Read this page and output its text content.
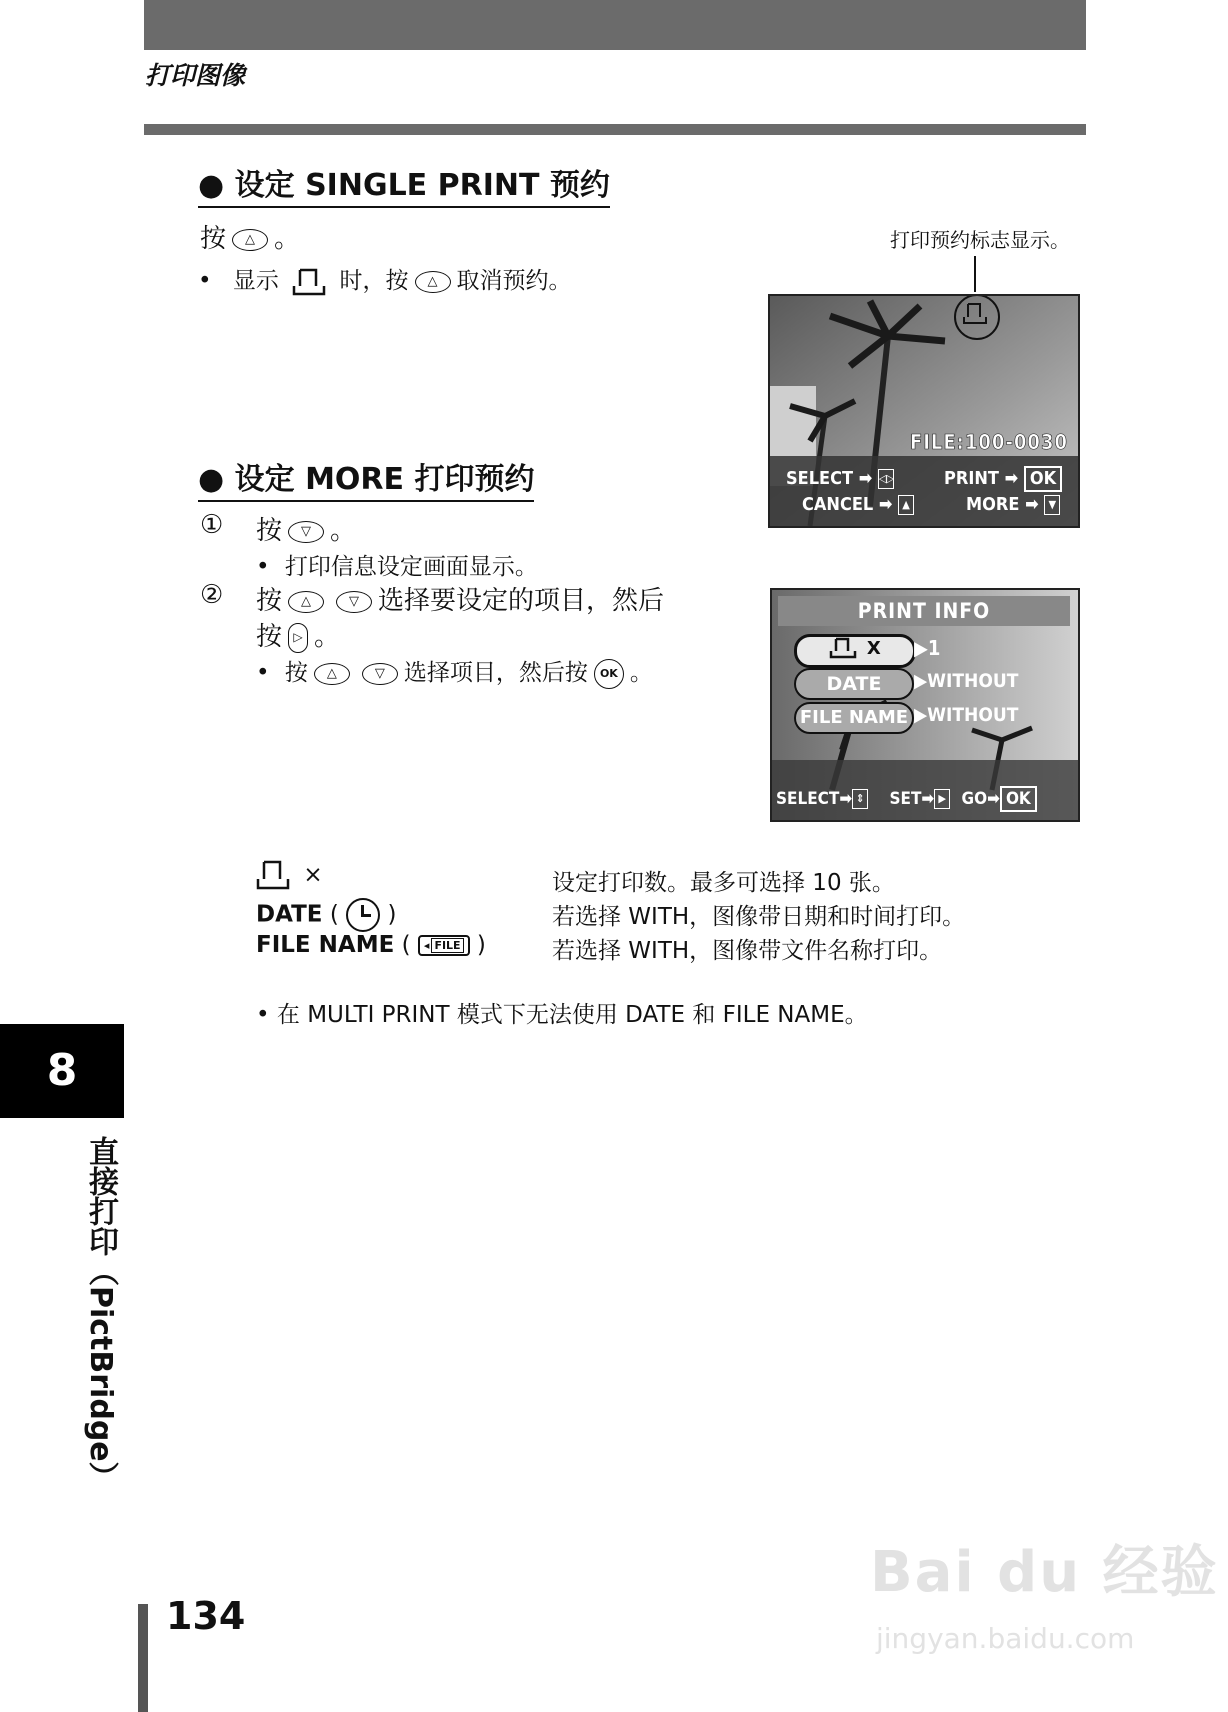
打印图像
● 设定 SINGLE PRINT 预约
按 △ 。
• 显示	时，按 △ 取消预约。
打印预约标志显示。
FILE:100-0030
SELECT ➡ ◁▷	PRINT ➡ OK
CANCEL ➡ ▲	MORE ➡ ▼
● 设定 MORE 打印预约
① 按 ▽ 。
• 打印信息设定画面显示。
② 按 △	▽ 选择要设定的项目，然后
按 ▷ 。
• 按 △	▽ 选择项目，然后按 OK 。
PRINT INFO
X	▶1
DATE	▶WITHOUT
FILE NAME ▶WITHOUT
SELECT➡ ⇕ SET➡ ▶ GO➡ OK
×	设定打印数。最多可选择 10 张。
DATE ( )	若选择 WITH，图像带日期和时间打印。
FILE NAME ( ◂ FILE )	若选择 WITH，图像带文件名称打印。
• 在 MULTI PRINT 模式下无法使用 DATE 和 FILE NAME。
8
直接打印（PictBridge）
134
Bai du 经验
jingyan.baidu.com
